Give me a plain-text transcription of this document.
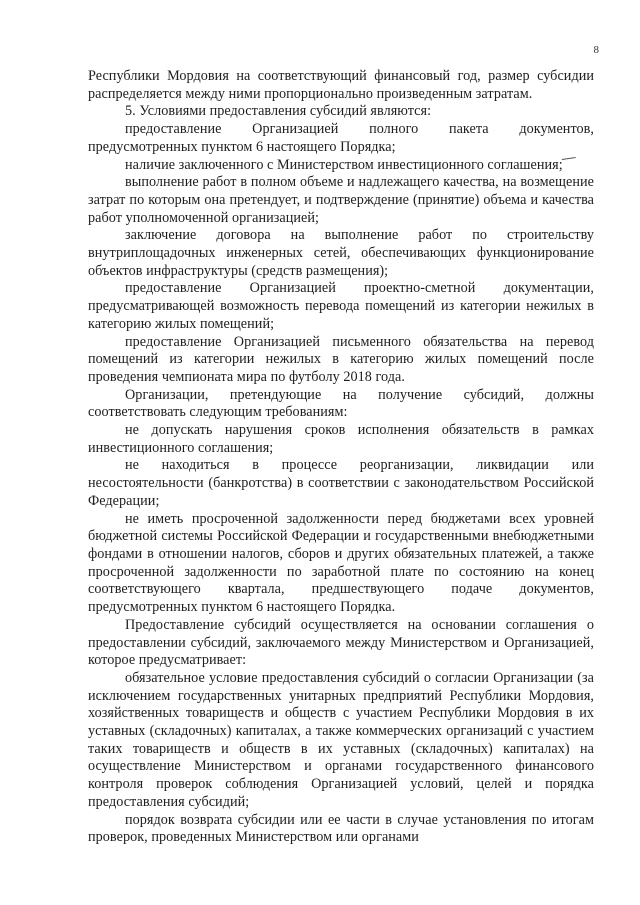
8

Республики Мордовия на соответствующий финансовый год, размер субсидии распределяется между ними пропорционально произведенным затратам.

5. Условиями предоставления субсидий являются:

предоставление Организацией полного пакета документов, предусмотренных пунктом 6 настоящего Порядка;

наличие заключенного с Министерством инвестиционного соглашения;

выполнение работ в полном объеме и надлежащего качества, на возмещение затрат по которым она претендует, и подтверждение (принятие) объема и качества работ уполномоченной организацией;

заключение договора на выполнение работ по строительству внутриплощадочных инженерных сетей, обеспечивающих функционирование объектов инфраструктуры (средств размещения);

предоставление Организацией проектно-сметной документации, предусматривающей возможность перевода помещений из категории нежилых в категорию жилых помещений;

предоставление Организацией письменного обязательства на перевод помещений из категории нежилых в категорию жилых помещений после проведения чемпионата мира по футболу 2018 года.

Организации, претендующие на получение субсидий, должны соответствовать следующим требованиям:

не допускать нарушения сроков исполнения обязательств в рамках инвестиционного соглашения;

не находиться в процессе реорганизации, ликвидации или несостоятельности (банкротства) в соответствии с законодательством Российской Федерации;

не иметь просроченной задолженности перед бюджетами всех уровней бюджетной системы Российской Федерации и государственными внебюджетными фондами в отношении налогов, сборов и других обязательных платежей, а также просроченной задолженности по заработной плате по состоянию на конец соответствующего квартала, предшествующего подаче документов, предусмотренных пунктом 6 настоящего Порядка.

Предоставление субсидий осуществляется на основании соглашения о предоставлении субсидий, заключаемого между Министерством и Организацией, которое предусматривает:

обязательное условие предоставления субсидий о согласии Организации (за исключением государственных унитарных предприятий Республики Мордовия, хозяйственных товариществ и обществ с участием Республики Мордовия в их уставных (складочных) капиталах, а также коммерческих организаций с участием таких товариществ и обществ в их уставных (складочных) капиталах) на осуществление Министерством и органами государственного финансового контроля проверок соблюдения Организацией условий, целей и порядка предоставления субсидий;

порядок возврата субсидии или ее части в случае установления по итогам проверок, проведенных Министерством или органами
